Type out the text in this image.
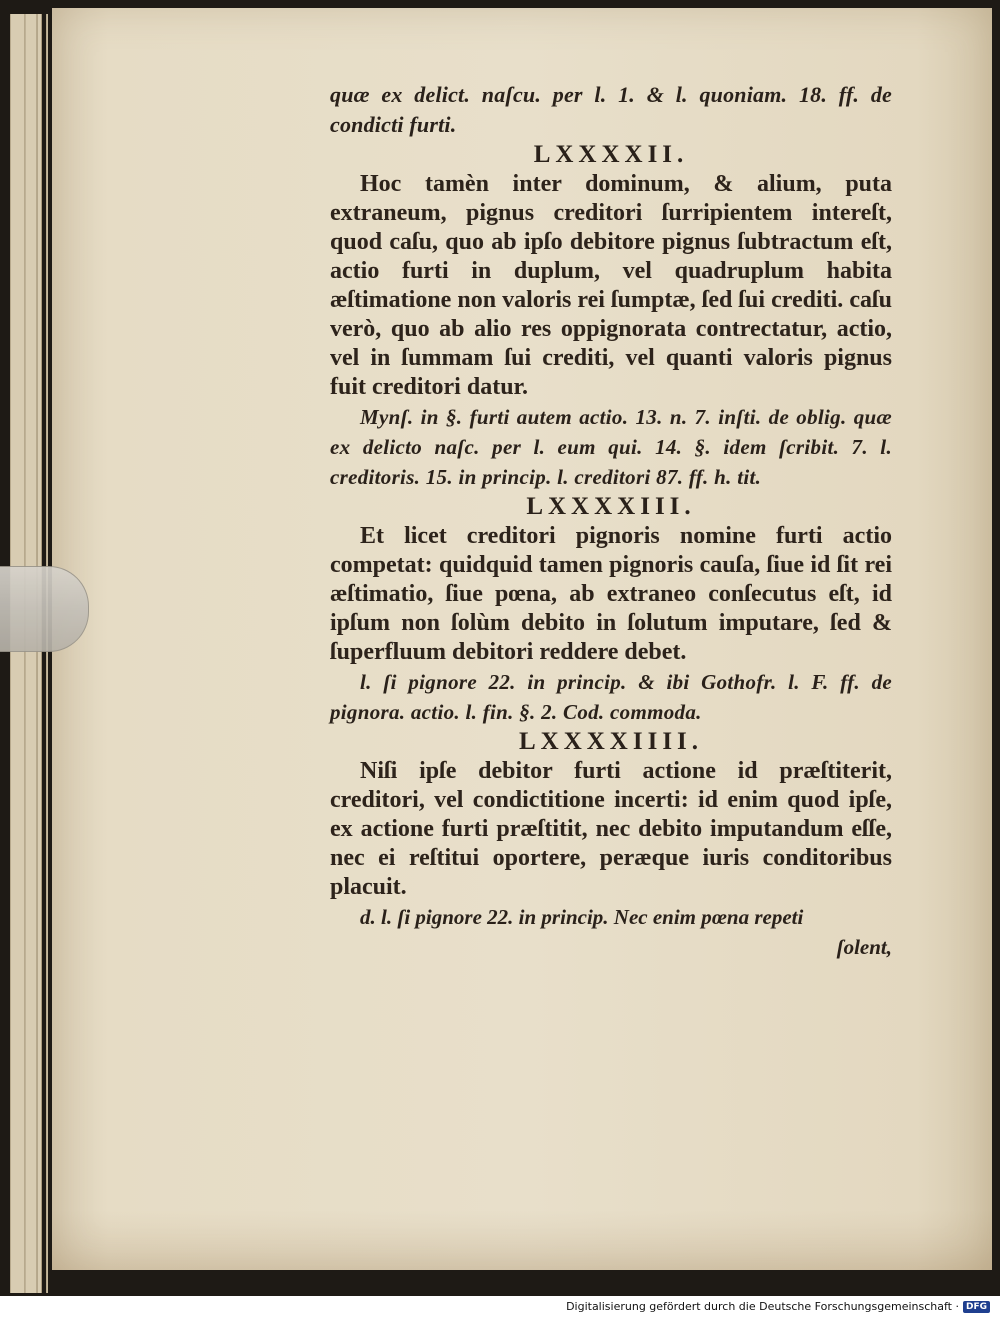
quæ ex delict. naſcu. per l. 1. & l. quoniam. 18. ff. de condicti furti.

LXXXXII.

Hoc tamèn inter dominum, & alium, puta extraneum, pignus creditori ſurripientem intereſt, quod caſu, quo ab ipſo debitore pignus ſubtractum eſt, actio furti in duplum, vel quadruplum habita æſtimatione non valoris rei ſumptæ, ſed ſui crediti. caſu verò, quo ab alio res oppignorata contrectatur, actio, vel in ſummam ſui crediti, vel quanti valoris pignus fuit creditori datur.

Mynſ. in §. furti autem actio. 13. n. 7. inſti. de oblig. quæ ex delicto naſc. per l. eum qui. 14. §. idem ſcribit. 7. l. creditoris. 15. in princip. l. creditori 87. ff. h. tit.

LXXXXIII.

Et licet creditori pignoris nomine furti actio competat: quidquid tamen pignoris cauſa, ſiue id ſit rei æſtimatio, ſiue pœna, ab extraneo conſecutus eſt, id ipſum non ſolùm debito in ſolutum imputare, ſed & ſuperfluum debitori reddere debet.

l. ſi pignore 22. in princip. & ibi Gothofr. l. F. ff. de pignora. actio. l. fin. §. 2. Cod. commoda.

LXXXXIIII.

Niſi ipſe debitor furti actione id præſtiterit, creditori, vel condictitione incerti: id enim quod ipſe, ex actione furti præſtitit, nec debito imputandum eſſe, nec ei reſtitui oportere, peræque iuris conditoribus placuit.

d. l. ſi pignore 22. in princip. Nec enim pœna repeti

ſolent,

Digitalisierung gefördert durch die Deutsche Forschungsgemeinschaft · DFG
